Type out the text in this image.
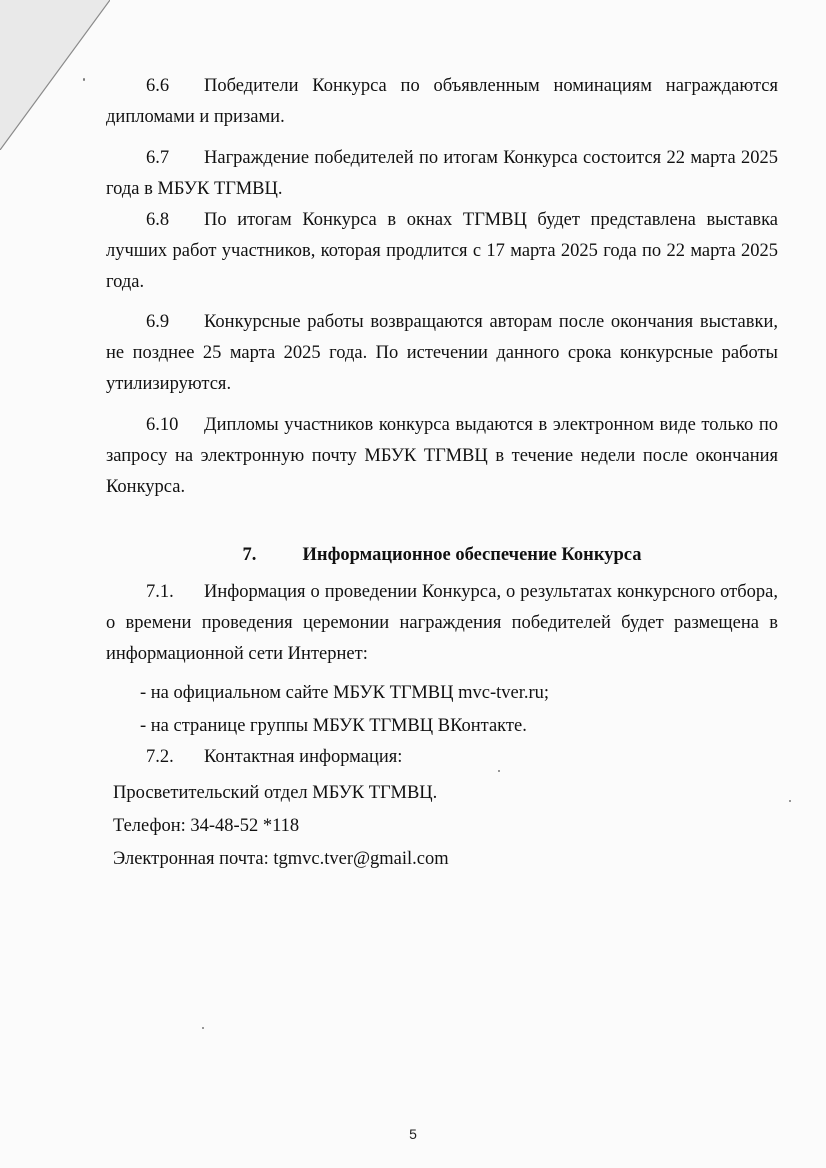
6.6 Победители Конкурса по объявленным номинациям награждаются дипломами и призами.

6.7 Награждение победителей по итогам Конкурса состоится 22 марта 2025 года в МБУК ТГМВЦ.

6.8 По итогам Конкурса в окнах ТГМВЦ будет представлена выставка лучших работ участников, которая продлится с 17 марта 2025 года по 22 марта 2025 года.

6.9 Конкурсные работы возвращаются авторам после окончания выставки, не позднее 25 марта 2025 года. По истечении данного срока конкурсные работы утилизируются.

6.10 Дипломы участников конкурса выдаются в электронном виде только по запросу на электронную почту МБУК ТГМВЦ в течение недели после окончания Конкурса.

7. Информационное обеспечение Конкурса

7.1. Информация о проведении Конкурса, о результатах конкурсного отбора, о времени проведения церемонии награждения победителей будет размещена в информационной сети Интернет:

- на официальном сайте МБУК ТГМВЦ mvc-tver.ru;

- на странице группы МБУК ТГМВЦ ВКонтакте.

7.2. Контактная информация:

Просветительский отдел МБУК ТГМВЦ.

Телефон: 34-48-52 *118

Электронная почта: tgmvc.tver@gmail.com

5
